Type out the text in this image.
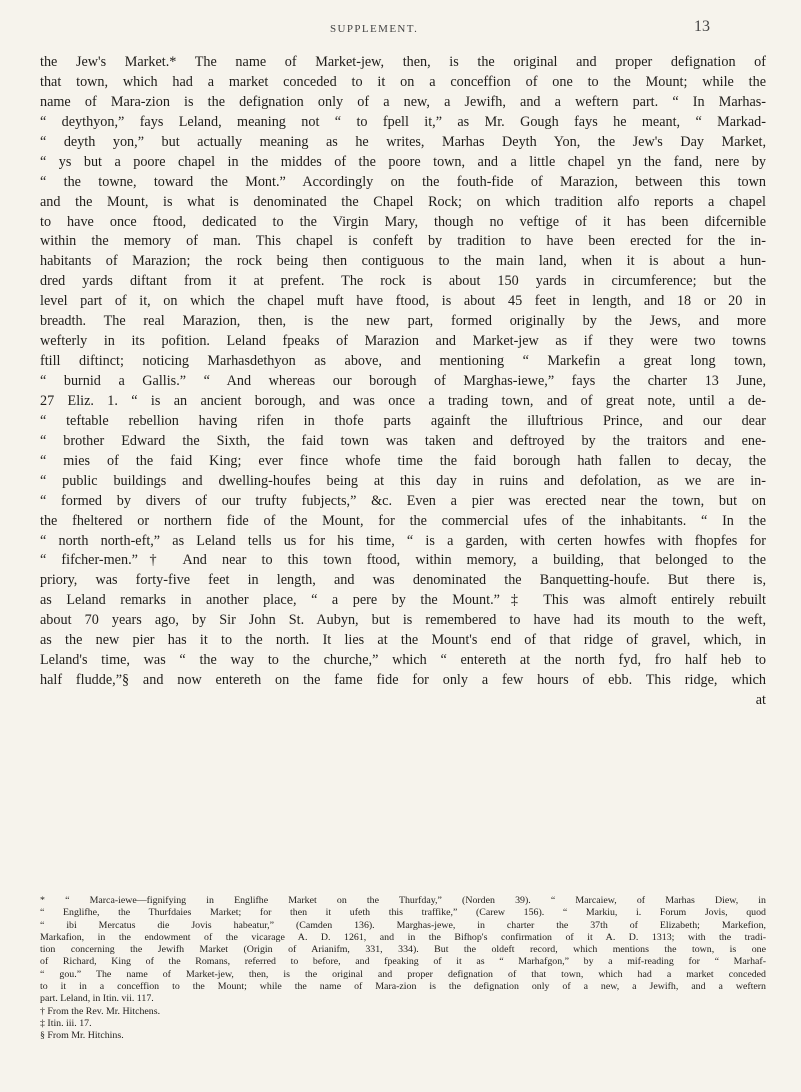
SUPPLEMENT.	13
the Jew's Market.* The name of Market-jew, then, is the original and proper defignation of
that town, which had a market conceded to it on a conceffion of one to the Mount; while the
name of Mara-zion is the defignation only of a new, a Jewifh, and a weftern part. “ In Marhas-
“ deythyon,” fays Leland, meaning not “ to fpell it,” as Mr. Gough fays he meant, “ Markad-
“ deyth yon,” but actually meaning as he writes, Marhas Deyth Yon, the Jew's Day Market,
“ ys but a poore chapel in the middes of the poore town, and a little chapel yn the fand, nere by
“ the towne, toward the Mont.” Accordingly on the fouth-fide of Marazion, between this town
and the Mount, is what is denominated the Chapel Rock; on which tradition alfo reports a chapel
to have once ftood, dedicated to the Virgin Mary, though no veftige of it has been difcernible
within the memory of man. This chapel is confeft by tradition to have been erected for the in-
habitants of Marazion; the rock being then contiguous to the main land, when it is about a hun-
dred yards diftant from it at prefent. The rock is about 150 yards in circumference; but the
level part of it, on which the chapel muft have ftood, is about 45 feet in length, and 18 or 20 in
breadth. The real Marazion, then, is the new part, formed originally by the Jews, and more
wefterly in its pofition. Leland fpeaks of Marazion and Market-jew as if they were two towns
ftill diftinct; noticing Marhasdethyon as above, and mentioning “ Markefin a great long town,
“ burnid a Gallis.” “ And whereas our borough of Marghas-iewe,” fays the charter 13 June,
27 Eliz. 1. “ is an ancient borough, and was once a trading town, and of great note, until a de-
“ teftable rebellion having rifen in thofe parts againft the illuftrious Prince, and our dear
“ brother Edward the Sixth, the faid town was taken and deftroyed by the traitors and ene-
“ mies of the faid King; ever fince whofe time the faid borough hath fallen to decay, the
“ public buildings and dwelling-houfes being at this day in ruins and defolation, as we are in-
“ formed by divers of our trufty fubjects,” &c. Even a pier was erected near the town, but on
the fheltered or northern fide of the Mount, for the commercial ufes of the inhabitants. “ In the
“ north north-eft,” as Leland tells us for his time, “ is a garden, with certen howfes with fhopfes for
“ fifcher-men.”† And near to this town ftood, within memory, a building, that belonged to the
priory, was forty-five feet in length, and was denominated the Banquetting-houfe. But there is,
as Leland remarks in another place, “ a pere by the Mount.”‡ This was almoft entirely rebuilt
about 70 years ago, by Sir John St. Aubyn, but is remembered to have had its mouth to the weft,
as the new pier has it to the north. It lies at the Mount's end of that ridge of gravel, which, in
Leland's time, was “ the way to the churche,” which “ entereth at the north fyd, fro half heb to
half fludde,”§ and now entereth on the fame fide for only a few hours of ebb. This ridge, which
at
* “ Marca-iewe—fignifying in Englifhe Market on the Thurfday,” (Norden 39). “ Marcaiew, of Marhas Diew, in
“ Englifhe, the Thurfdaies Market; for then it ufeth this traffike,” (Carew 156). “ Markiu, i. Forum Jovis, quod
“ ibi Mercatus die Jovis habeatur,” (Camden 136). Marghas-jewe, in charter the 37th of Elizabeth; Markefion,
Markafion, in the endowment of the vicarage A. D. 1261, and in the Bifhop's confirmation of it A. D. 1313; with the tradi-
tion concerning the Jewifh Market (Origin of Arianifm, 331, 334). But the oldeft record, which mentions the town, is one
of Richard, King of the Romans, referred to before, and fpeaking of it as “ Marhafgon,” by a mif-reading for “ Marhaf-
“ gou.” The name of Market-jew, then, is the original and proper defignation of that town, which had a market conceded
to it in a conceffion to the Mount; while the name of Mara-zion is the defignation only of a new, a Jewifh, and a weftern
part. Leland, in Itin. vii. 117.
† From the Rev. Mr. Hitchens.
‡ Itin. iii. 17.
§ From Mr. Hitchins.
